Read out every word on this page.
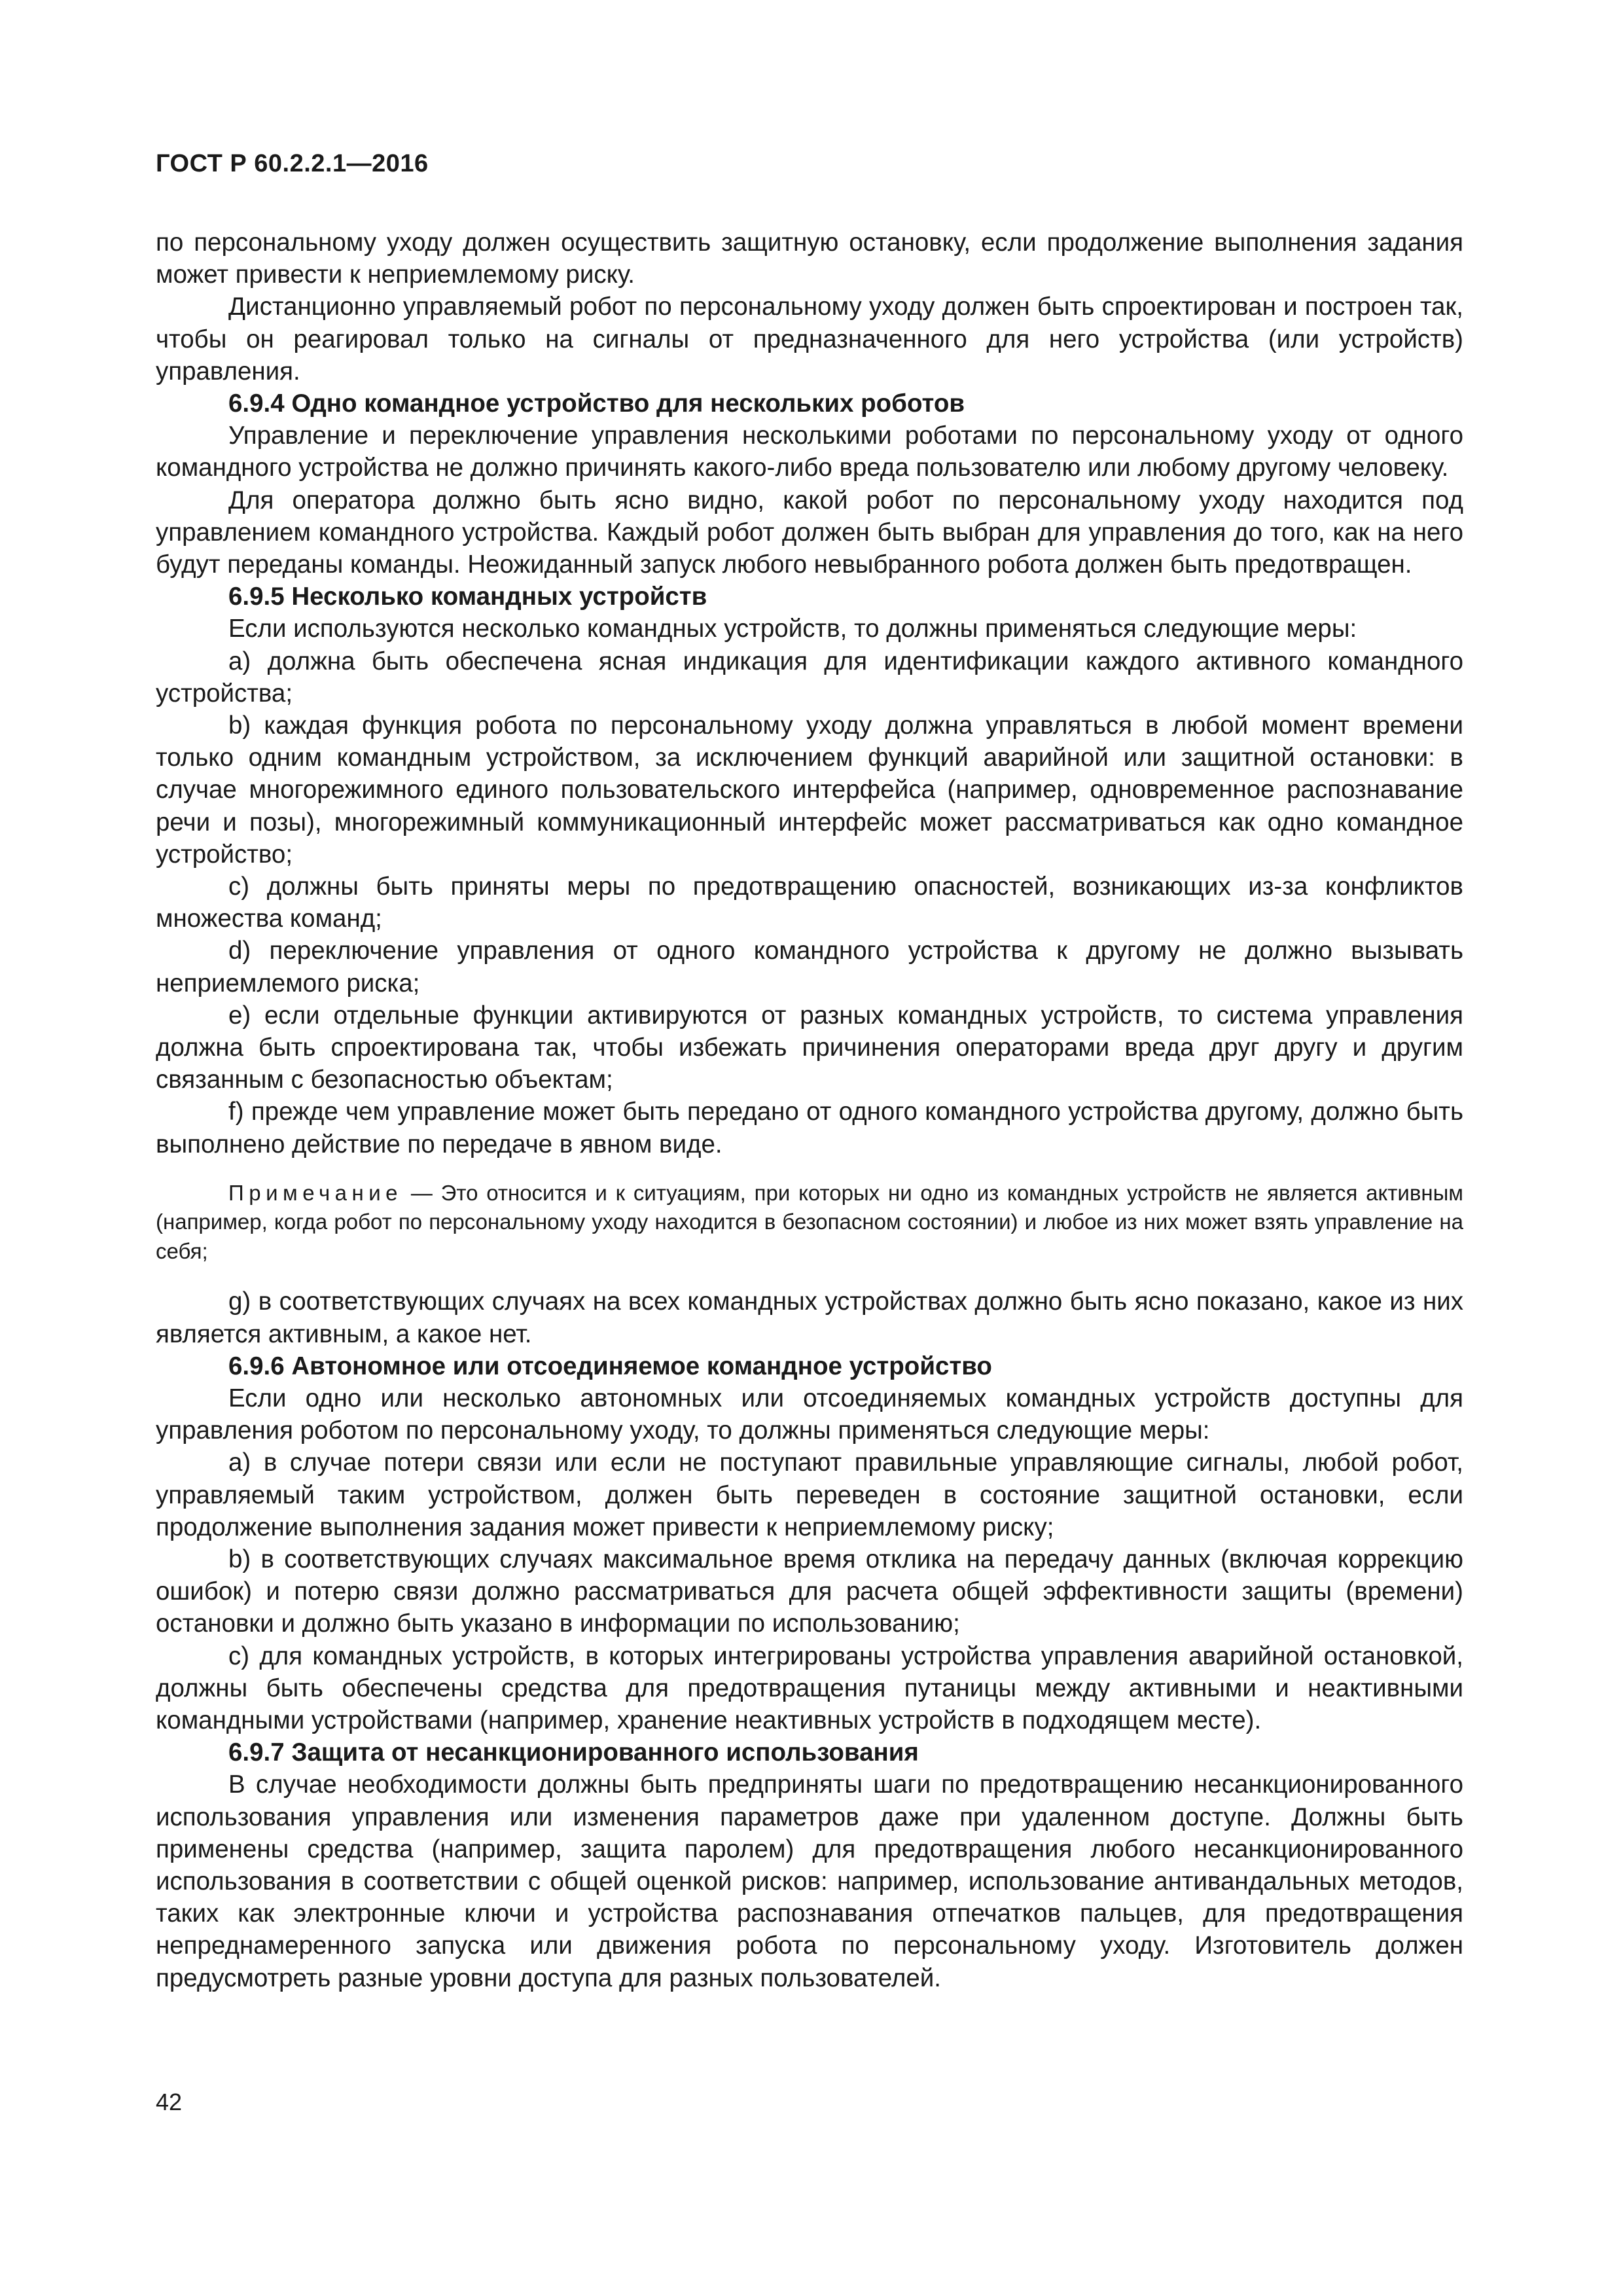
ГОСТ Р 60.2.2.1—2016

по персональному уходу должен осуществить защитную остановку, если продолжение выполнения задания может привести к неприемлемому риску.

Дистанционно управляемый робот по персональному уходу должен быть спроектирован и построен так, чтобы он реагировал только на сигналы от предназначенного для него устройства (или устройств) управления.

6.9.4 Одно командное устройство для нескольких роботов

Управление и переключение управления несколькими роботами по персональному уходу от одного командного устройства не должно причинять какого-либо вреда пользователю или любому другому человеку.

Для оператора должно быть ясно видно, какой робот по персональному уходу находится под управлением командного устройства. Каждый робот должен быть выбран для управления до того, как на него будут переданы команды. Неожиданный запуск любого невыбранного робота должен быть предотвращен.

6.9.5 Несколько командных устройств

Если используются несколько командных устройств, то должны применяться следующие меры:

a) должна быть обеспечена ясная индикация для идентификации каждого активного командного устройства;

b) каждая функция робота по персональному уходу должна управляться в любой момент времени только одним командным устройством, за исключением функций аварийной или защитной остановки: в случае многорежимного единого пользовательского интерфейса (например, одновременное распознавание речи и позы), многорежимный коммуникационный интерфейс может рассматриваться как одно командное устройство;

c) должны быть приняты меры по предотвращению опасностей, возникающих из-за конфликтов множества команд;

d) переключение управления от одного командного устройства к другому не должно вызывать неприемлемого риска;

e) если отдельные функции активируются от разных командных устройств, то система управления должна быть спроектирована так, чтобы избежать причинения операторами вреда друг другу и другим связанным с безопасностью объектам;

f) прежде чем управление может быть передано от одного командного устройства другому, должно быть выполнено действие по передаче в явном виде.

Примечание — Это относится и к ситуациям, при которых ни одно из командных устройств не является активным (например, когда робот по персональному уходу находится в безопасном состоянии) и любое из них может взять управление на себя;

g) в соответствующих случаях на всех командных устройствах должно быть ясно показано, какое из них является активным, а какое нет.

6.9.6 Автономное или отсоединяемое командное устройство

Если одно или несколько автономных или отсоединяемых командных устройств доступны для управления роботом по персональному уходу, то должны применяться следующие меры:

a) в случае потери связи или если не поступают правильные управляющие сигналы, любой робот, управляемый таким устройством, должен быть переведен в состояние защитной остановки, если продолжение выполнения задания может привести к неприемлемому риску;

b) в соответствующих случаях максимальное время отклика на передачу данных (включая коррекцию ошибок) и потерю связи должно рассматриваться для расчета общей эффективности защиты (времени) остановки и должно быть указано в информации по использованию;

c) для командных устройств, в которых интегрированы устройства управления аварийной остановкой, должны быть обеспечены средства для предотвращения путаницы между активными и неактивными командными устройствами (например, хранение неактивных устройств в подходящем месте).

6.9.7 Защита от несанкционированного использования

В случае необходимости должны быть предприняты шаги по предотвращению несанкционированного использования управления или изменения параметров даже при удаленном доступе. Должны быть применены средства (например, защита паролем) для предотвращения любого несанкционированного использования в соответствии с общей оценкой рисков: например, использование антивандальных методов, таких как электронные ключи и устройства распознавания отпечатков пальцев, для предотвращения непреднамеренного запуска или движения робота по персональному уходу. Изготовитель должен предусмотреть разные уровни доступа для разных пользователей.

42
